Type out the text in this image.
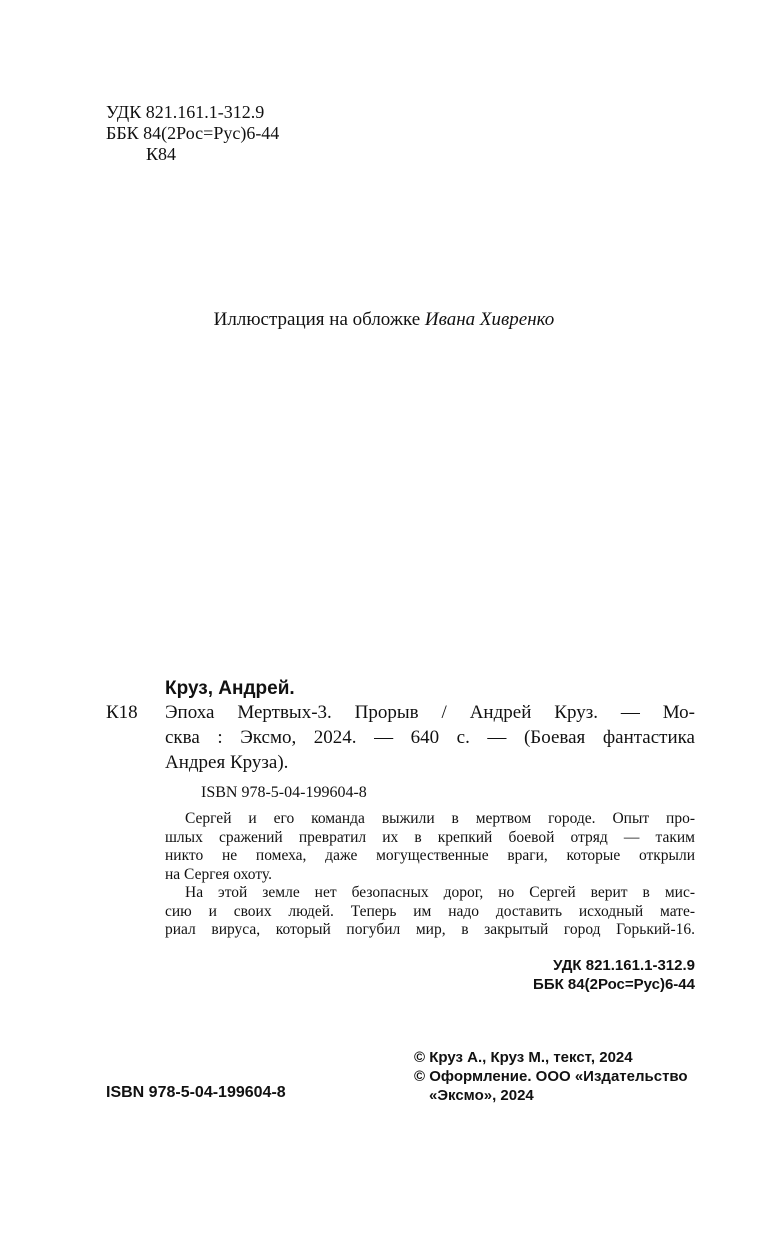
УДК 821.161.1-312.9
ББК 84(2Рос=Рус)6-44
К84
Иллюстрация на обложке Ивана Хивренко
Круз, Андрей.
К18 Эпоха Мертвых-3. Прорыв / Андрей Круз. — Мо-
сква : Эксмо, 2024. — 640 с. — (Боевая фантастика
Андрея Круза).
ISBN 978-5-04-199604-8
Сергей и его команда выжили в мертвом городе. Опыт про-
шлых сражений превратил их в крепкий боевой отряд — таким
никто не помеха, даже могущественные враги, которые открыли
на Сергея охоту.
На этой земле нет безопасных дорог, но Сергей верит в мис-
сию и своих людей. Теперь им надо доставить исходный мате-
риал вируса, который погубил мир, в закрытый город Горький-16.
УДК 821.161.1-312.9
ББК 84(2Рос=Рус)6-44
© Круз А., Круз М., текст, 2024
© Оформление. ООО «Издательство
«Эксмо», 2024
ISBN 978-5-04-199604-8
